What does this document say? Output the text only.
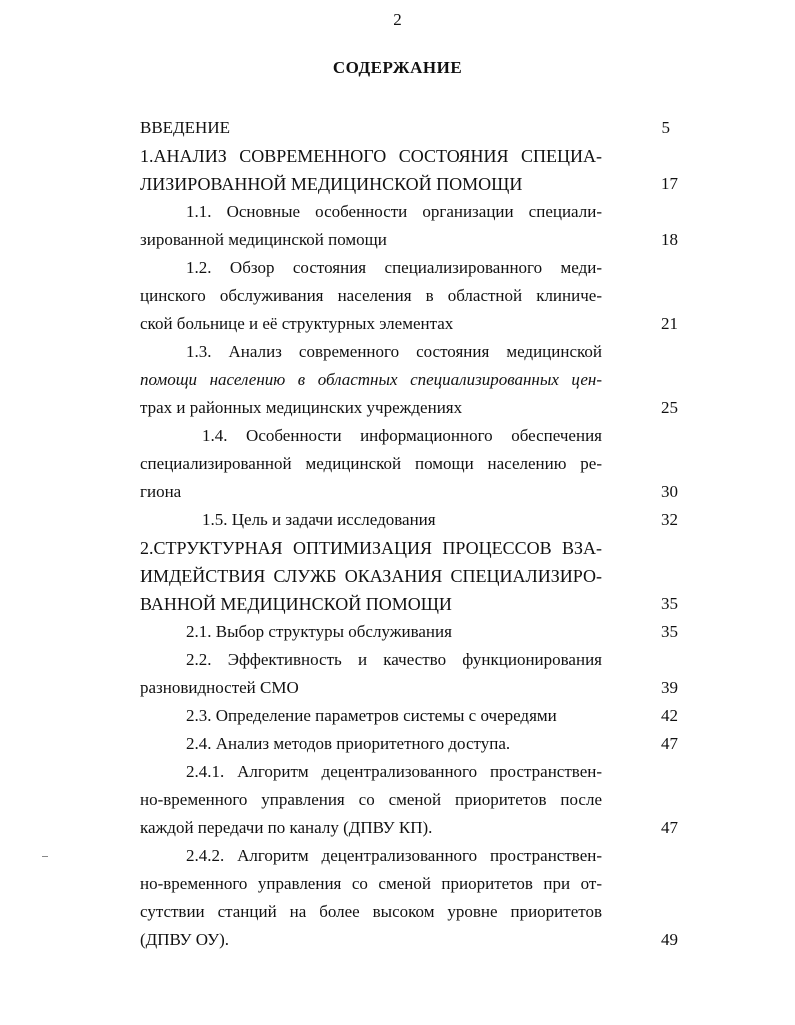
2
СОДЕРЖАНИЕ
ВВЕДЕНИЕ	5
1.АНАЛИЗ СОВРЕМЕННОГО СОСТОЯНИЯ СПЕЦИА-
ЛИЗИРОВАННОЙ МЕДИЦИНСКОЙ ПОМОЩИ	17
1.1. Основные особенности организации специали-
зированной медицинской помощи	18
1.2. Обзор состояния специализированного меди-
цинского обслуживания населения в областной клиниче-
ской больнице и её структурных элементах	21
1.3. Анализ современного состояния медицинской
помощи населению в областных специализированных цен-
трах и районных медицинских учреждениях	25
1.4. Особенности информационного обеспечения
специализированной медицинской помощи населению ре-
гиона	30
1.5. Цель и задачи исследования	32
2.СТРУКТУРНАЯ ОПТИМИЗАЦИЯ ПРОЦЕССОВ ВЗА-
ИМДЕЙСТВИЯ СЛУЖБ ОКАЗАНИЯ СПЕЦИАЛИЗИРО-
ВАННОЙ МЕДИЦИНСКОЙ ПОМОЩИ	35
2.1. Выбор структуры обслуживания	35
2.2. Эффективность и качество функционирования
разновидностей СМО	39
2.3. Определение параметров системы с очередями	42
2.4. Анализ методов приоритетного доступа.	47
2.4.1. Алгоритм децентрализованного пространствен-
но-временного управления со сменой приоритетов после
каждой передачи по каналу (ДПВУ КП).	47
2.4.2. Алгоритм децентрализованного пространствен-
но-временного управления со сменой приоритетов при от-
сутствии станций на более высоком уровне приоритетов
(ДПВУ ОУ).	49
